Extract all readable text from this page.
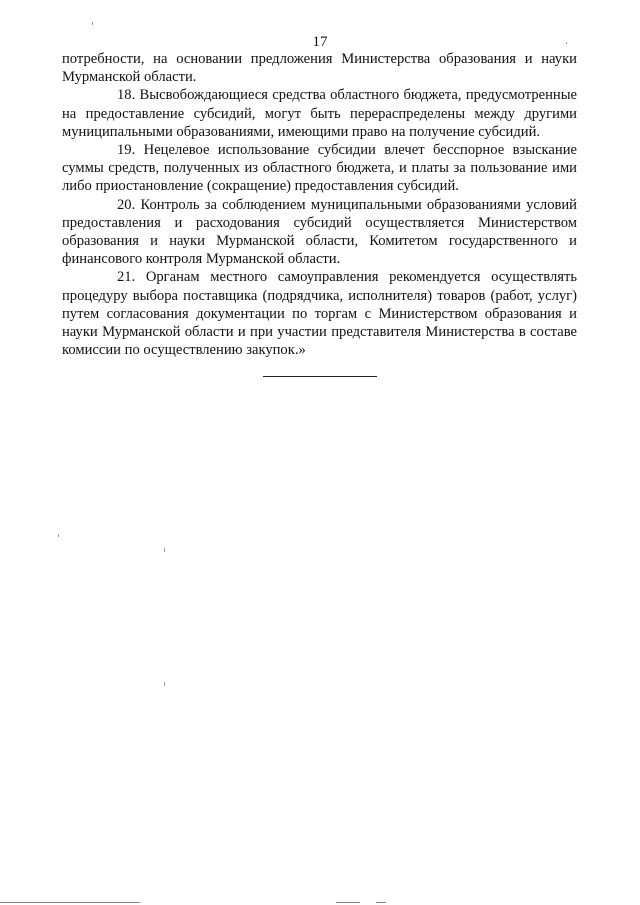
17

потребности, на основании предложения Министерства образования и науки Мурманской области.

18. Высвобождающиеся средства областного бюджета, предусмотренные на предоставление субсидий, могут быть перераспределены между другими муниципальными образованиями, имеющими право на получение субсидий.

19. Нецелевое использование субсидии влечет бесспорное взыскание суммы средств, полученных из областного бюджета, и платы за пользование ими либо приостановление (сокращение) предоставления субсидий.

20. Контроль за соблюдением муниципальными образованиями условий предоставления и расходования субсидий осуществляется Министерством образования и науки Мурманской области, Комитетом государственного и финансового контроля Мурманской области.

21. Органам местного самоуправления рекомендуется осуществлять процедуру выбора поставщика (подрядчика, исполнителя) товаров (работ, услуг) путем согласования документации по торгам с Министерством образования и науки Мурманской области и при участии представителя Министерства в составе комиссии по осуществлению закупок.»
